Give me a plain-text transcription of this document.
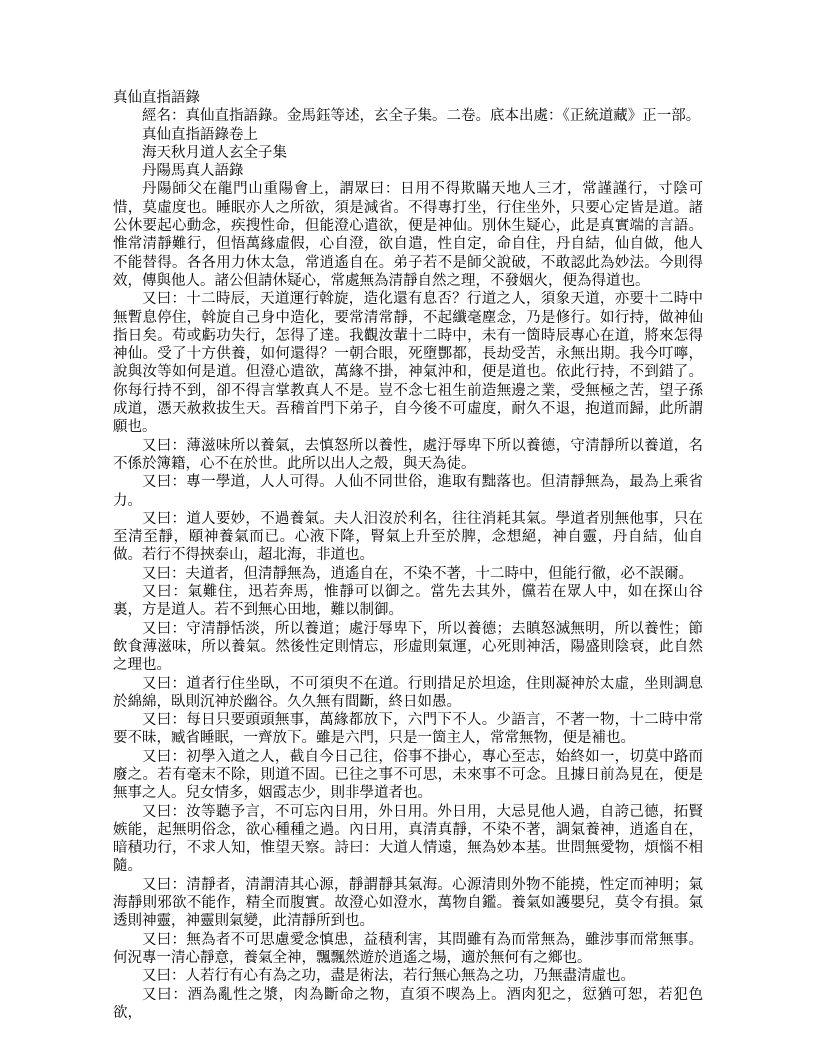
真仙直指語錄

經名：真仙直指語錄。金馬鈺等述，玄全子集。二卷。底本出處：《正統道藏》正一部。

真仙直指語錄卷上

海天秋月道人玄全子集

丹陽馬真人語錄

丹陽師父在龍門山重陽會上，謂眾曰：日用不得欺瞞天地人三才，常謹謹行，寸陰可惜，莫虛度也。睡眠亦人之所欲，須是減省。不得專打坐，行住坐外，只要心定皆是道。諸公休要起心動念，疾搜性命，但能澄心遣欲，便是神仙。別休生疑心，此是真實端的言語。惟常清靜難行，但悟萬緣虛假，心自澄，欲自遣，性自定，命自住，丹自結，仙自做，他人不能替得。各各用力休太急，常逍遙自在。弟子若不是師父說破，不敢認此為妙法。今則得效，傳與他人。諸公但請休疑心，常處無為清靜自然之理，不發姻火，便為得道也。

又曰：十二時辰，天道運行斡旋，造化還有息否？行道之人，須象天道，亦要十二時中無暫息停住，斡旋自己身中造化，要常清常靜，不起纖毫塵念，乃是修行。如行持，做神仙指日矣。苟或虧功失行，怎得了達。我觀汝輩十二時中，未有一箇時辰專心在道，將來怎得神仙。受了十方供養，如何還得？一朝合眼，死墮酆都，長劫受苦，永無出期。我今叮嚀，說與汝等如何是道。但澄心遣欲，萬緣不掛，神氣沖和，便是道也。依此行持，不到錯了。你每行持不到，卻不得言掌教真人不是。豈不念七祖生前造無邊之業，受無極之苦，望子孫成道，憑天赦救拔生天。吾稽首門下弟子，自今後不可虛度，耐久不退，抱道而歸，此所謂願也。

又曰：薄滋味所以養氣，去慎怒所以養性，處汙辱卑下所以養德，守清靜所以養道，名不係於簿籍，心不在於世。此所以出人之殼，與天為徒。

又曰：專一學道，人人可得。人仙不同世俗，進取有黜落也。但清靜無為，最為上乘省力。

又曰：道人要妙，不過養氣。夫人汨沒於利名，往往消耗其氣。學道者別無他事，只在至清至靜，頤神養氣而已。心液下降，腎氣上升至於脾，念想絕，神自靈，丹自結，仙自做。若行不得挾泰山，超北海，非道也。

又曰：夫道者，但清靜無為，逍遙自在，不染不著，十二時中，但能行徹，必不誤爾。

又曰：氣難住，迅若奔馬，惟靜可以御之。當先去其外，儻若在眾人中，如在探山谷裏，方是道人。若不到無心田地，難以制御。

又曰：守清靜恬淡，所以養道；處汙辱卑下，所以養德；去瞋怒滅無明，所以養性；節飲食薄滋味，所以養氣。然後性定則情忘，形虛則氣運，心死則神活，陽盛則陰衰，此自然之理也。

又曰：道者行住坐臥，不可須臾不在道。行則措足於坦途，住則凝神於太虛，坐則調息於綿綿，臥則沉神於幽谷。久久無有間斷，終日如愚。

又曰：每日只要頭頭無事，萬緣都放下，六門下不人。少語言，不著一物，十二時中常要不昧，臧省睡眠，一齊放下。雖是六門，只是一箇主人，常常無物，便是補也。

又曰：初學入道之人，截自今日己往，俗事不掛心，專心至志，始終如一，切莫中路而廢之。若有毫末不除，則道不固。已往之事不可思，未來事不可念。且據日前為見在，便是無事之人。兒女情多，姻霞志少，則非學道者也。

又曰：汝等聽予言，不可忘內日用，外日用。外日用，大忌見他人過，自誇己德，拓賢嫉能，起無明俗念，欲心種種之過。內日用，真清真靜，不染不著，調氣養神，逍遙自在，暗積功行，不求人知，惟望天察。詩曰：大道人情遠，無為妙本基。世問無愛物，煩惱不相隨。

又曰：清靜者，清謂清其心源，靜謂靜其氣海。心源清則外物不能撓，性定而神明；氣海靜則邪欲不能作，精全而腹實。故澄心如澄水，萬物自鑑。養氣如護嬰兒，莫令有損。氣透則神靈，神靈則氣變，此清靜所到也。

又曰：無為者不可思慮愛念慎患，益積利害，其問雖有為而常無為，雖涉事而常無事。何況專一清心靜意，養氣全神，飄飄然遊於逍遙之場，適於無何有之鄉也。

又曰：人若行有心有為之功，盡是術法，若行無心無為之功，乃無盡清虛也。

又曰：酒為亂性之漿，肉為斷命之物，直須不喫為上。酒肉犯之，愆猶可恕，若犯色欲，
